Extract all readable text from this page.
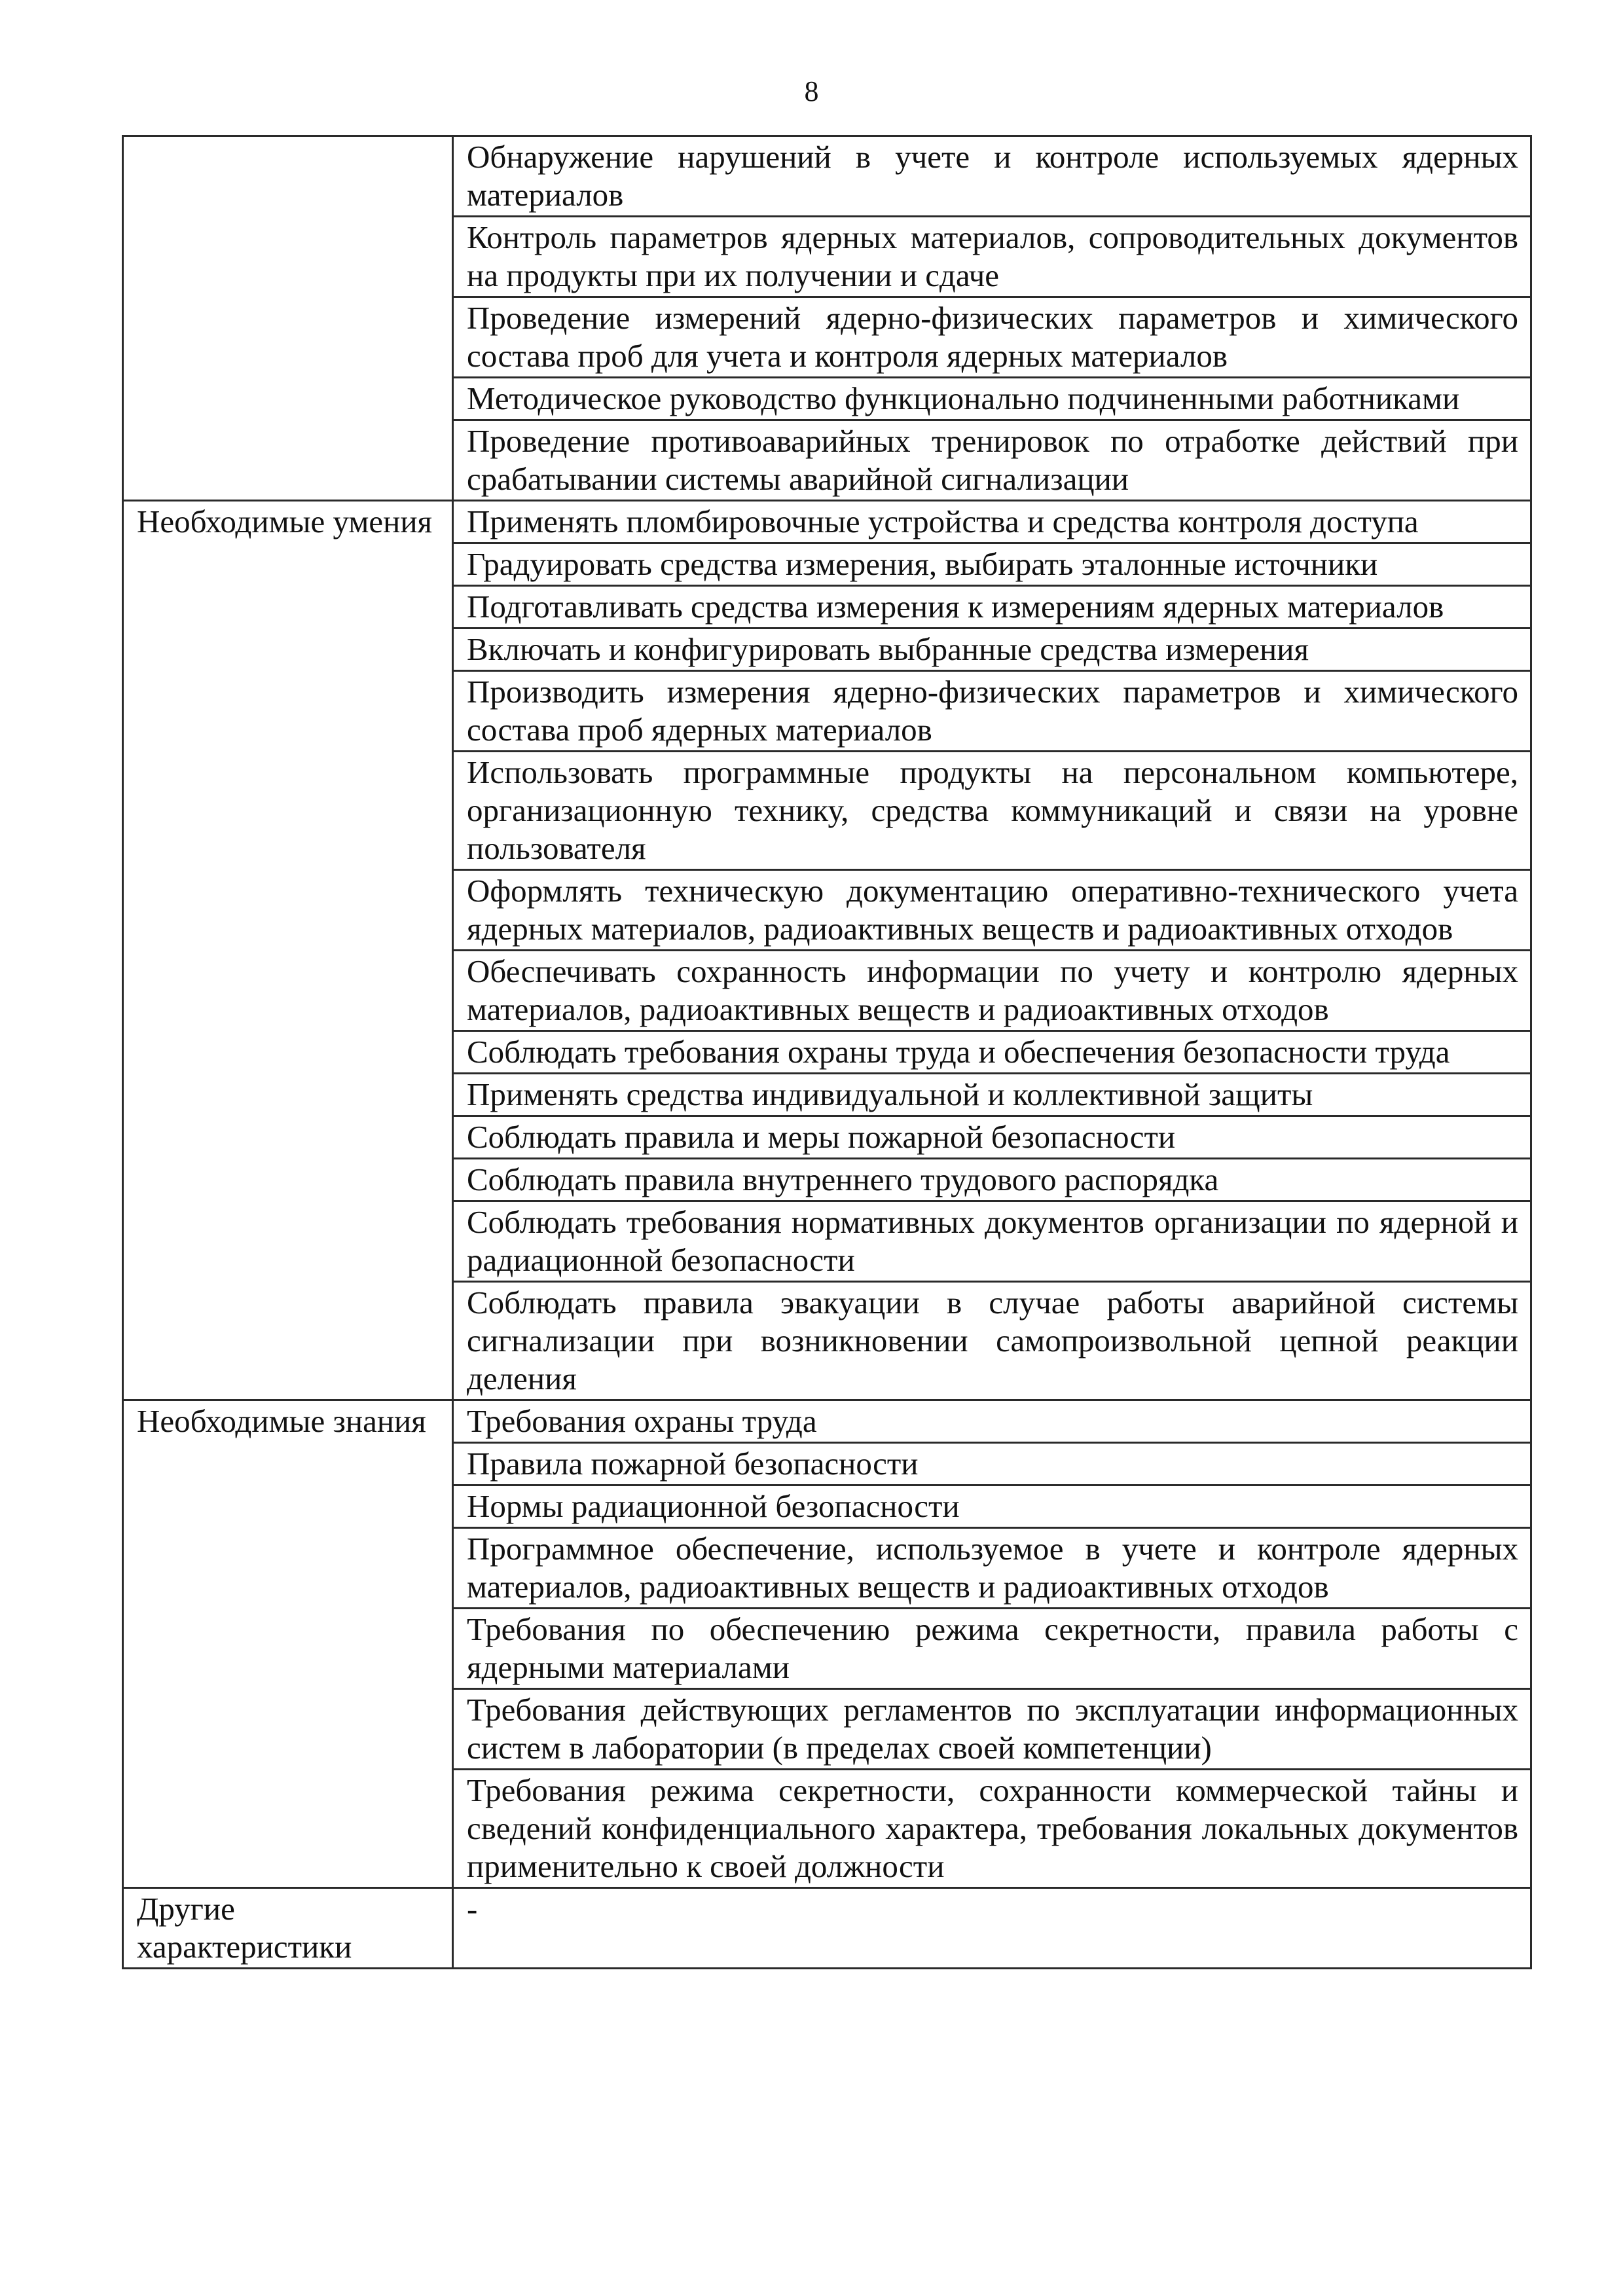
8
	Обнаружение нарушений в учете и контроле используемых ядерных материалов
	Контроль параметров ядерных материалов, сопроводительных документов на продукты при их получении и сдаче
	Проведение измерений ядерно-физических параметров и химического состава проб для учета и контроля ядерных материалов
	Методическое руководство функционально подчиненными работниками
	Проведение противоаварийных тренировок по отработке действий при срабатывании системы аварийной сигнализации
Необходимые умения	Применять пломбировочные устройства и средства контроля доступа
	Градуировать средства измерения, выбирать эталонные источники
	Подготавливать средства измерения к измерениям ядерных материалов
	Включать и конфигурировать выбранные средства измерения
	Производить измерения ядерно-физических параметров и химического состава проб ядерных материалов
	Использовать программные продукты на персональном компьютере, организационную технику, средства коммуникаций и связи на уровне пользователя
	Оформлять техническую документацию оперативно-технического учета ядерных материалов, радиоактивных веществ и радиоактивных отходов
	Обеспечивать сохранность информации по учету и контролю ядерных материалов, радиоактивных веществ и радиоактивных отходов
	Соблюдать требования охраны труда и обеспечения безопасности труда
	Применять средства индивидуальной и коллективной защиты
	Соблюдать правила и меры пожарной безопасности
	Соблюдать правила внутреннего трудового распорядка
	Соблюдать требования нормативных документов организации по ядерной и радиационной безопасности
	Соблюдать правила эвакуации в случае работы аварийной системы сигнализации при возникновении самопроизвольной цепной реакции деления
Необходимые знания	Требования охраны труда
	Правила пожарной безопасности
	Нормы радиационной безопасности
	Программное обеспечение, используемое в учете и контроле ядерных материалов, радиоактивных веществ и радиоактивных отходов
	Требования по обеспечению режима секретности, правила работы с ядерными материалами
	Требования действующих регламентов по эксплуатации информационных систем в лаборатории (в пределах своей компетенции)
	Требования режима секретности, сохранности коммерческой тайны и сведений конфиденциального характера, требования локальных документов применительно к своей должности
Другие характеристики	-
